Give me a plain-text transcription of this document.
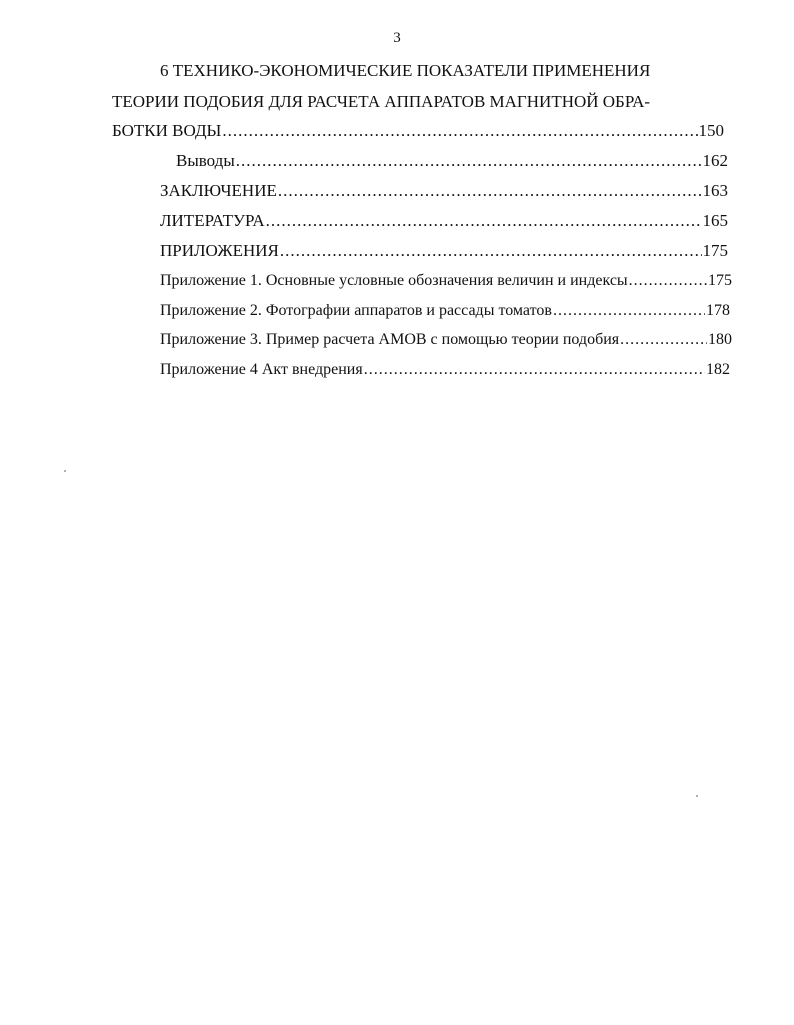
3
6 ТЕХНИКО-ЭКОНОМИЧЕСКИЕ ПОКАЗАТЕЛИ ПРИМЕНЕНИЯ
ТЕОРИИ ПОДОБИЯ ДЛЯ РАСЧЕТА АППАРАТОВ МАГНИТНОЙ ОБРА-
БОТКИ ВОДЫ .....	150
Выводы .....	162
ЗАКЛЮЧЕНИЕ .....	163
ЛИТЕРАТУРА .....	165
ПРИЛОЖЕНИЯ .....	175
Приложение 1. Основные условные обозначения величин и индексы .....	175
Приложение 2. Фотографии аппаратов и рассады томатов .....	178
Приложение 3. Пример расчета АМОВ с помощью теории подобия .....	180
Приложение 4 Акт внедрения .....	182
